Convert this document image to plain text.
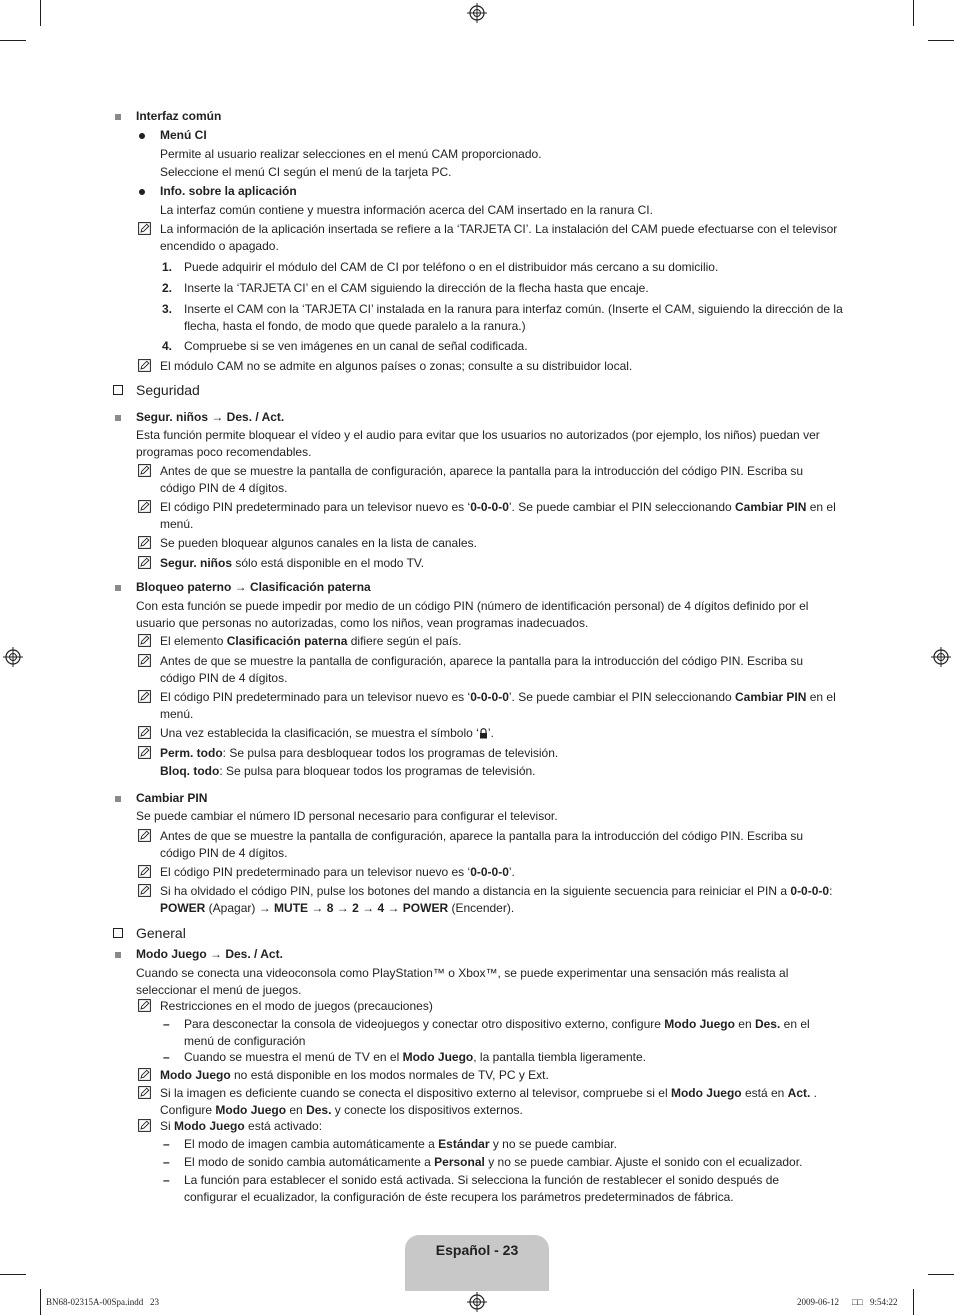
Interfaz común
Menú CI
Permite al usuario realizar selecciones en el menú CAM proporcionado.
Seleccione el menú CI según el menú de la tarjeta PC.
Info. sobre la aplicación
La interfaz común contiene y muestra información acerca del CAM insertado en la ranura CI.
La información de la aplicación insertada se refiere a la ‘TARJETA CI’. La instalación del CAM puede efectuarse con el televisor encendido o apagado.
1. Puede adquirir el módulo del CAM de CI por teléfono o en el distribuidor más cercano a su domicilio.
2. Inserte la ‘TARJETA CI’ en el CAM siguiendo la dirección de la flecha hasta que encaje.
3. Inserte el CAM con la ‘TARJETA CI’ instalada en la ranura para interfaz común. (Inserte el CAM, siguiendo la dirección de la flecha, hasta el fondo, de modo que quede paralelo a la ranura.)
4. Compruebe si se ven imágenes en un canal de señal codificada.
El módulo CAM no se admite en algunos países o zonas; consulte a su distribuidor local.
Seguridad
Segur. niños → Des. / Act.
Esta función permite bloquear el vídeo y el audio para evitar que los usuarios no autorizados (por ejemplo, los niños) puedan ver programas poco recomendables.
Antes de que se muestre la pantalla de configuración, aparece la pantalla para la introducción del código PIN. Escriba su código PIN de 4 dígitos.
El código PIN predeterminado para un televisor nuevo es ‘0-0-0-0’. Se puede cambiar el PIN seleccionando Cambiar PIN en el menú.
Se pueden bloquear algunos canales en la lista de canales.
Segur. niños sólo está disponible en el modo TV.
Bloqueo paterno → Clasificación paterna
Con esta función se puede impedir por medio de un código PIN (número de identificación personal) de 4 dígitos definido por el usuario que personas no autorizadas, como los niños, vean programas inadecuados.
El elemento Clasificación paterna difiere según el país.
Antes de que se muestre la pantalla de configuración, aparece la pantalla para la introducción del código PIN. Escriba su código PIN de 4 dígitos.
El código PIN predeterminado para un televisor nuevo es ‘0-0-0-0’. Se puede cambiar el PIN seleccionando Cambiar PIN en el menú.
Una vez establecida la clasificación, se muestra el símbolo ‘ ’.
Perm. todo: Se pulsa para desbloquear todos los programas de televisión.
Bloq. todo: Se pulsa para bloquear todos los programas de televisión.
Cambiar PIN
Se puede cambiar el número ID personal necesario para configurar el televisor.
Antes de que se muestre la pantalla de configuración, aparece la pantalla para la introducción del código PIN. Escriba su código PIN de 4 dígitos.
El código PIN predeterminado para un televisor nuevo es ‘0-0-0-0’.
Si ha olvidado el código PIN, pulse los botones del mando a distancia en la siguiente secuencia para reiniciar el PIN a 0-0-0-0: POWER (Apagar) → MUTE → 8 → 2 → 4 → POWER (Encender).
General
Modo Juego → Des. / Act.
Cuando se conecta una videoconsola como PlayStation™ o Xbox™, se puede experimentar una sensación más realista al seleccionar el menú de juegos.
Restricciones en el modo de juegos (precauciones)
– Para desconectar la consola de videojuegos y conectar otro dispositivo externo, configure Modo Juego en Des. en el menú de configuración
– Cuando se muestra el menú de TV en el Modo Juego, la pantalla tiembla ligeramente.
Modo Juego no está disponible en los modos normales de TV, PC y Ext.
Si la imagen es deficiente cuando se conecta el dispositivo externo al televisor, compruebe si el Modo Juego está en Act. . Configure Modo Juego en Des. y conecte los dispositivos externos.
Si Modo Juego está activado:
– El modo de imagen cambia automáticamente a Estándar y no se puede cambiar.
– El modo de sonido cambia automáticamente a Personal y no se puede cambiar. Ajuste el sonido con el ecualizador.
– La función para establecer el sonido está activada. Si selecciona la función de restablecer el sonido después de configurar el ecualizador, la configuración de éste recupera los parámetros predeterminados de fábrica.
Español - 23
BN68-02315A-00Spa.indd   23	2009-06-12 □□ 9:54:22
